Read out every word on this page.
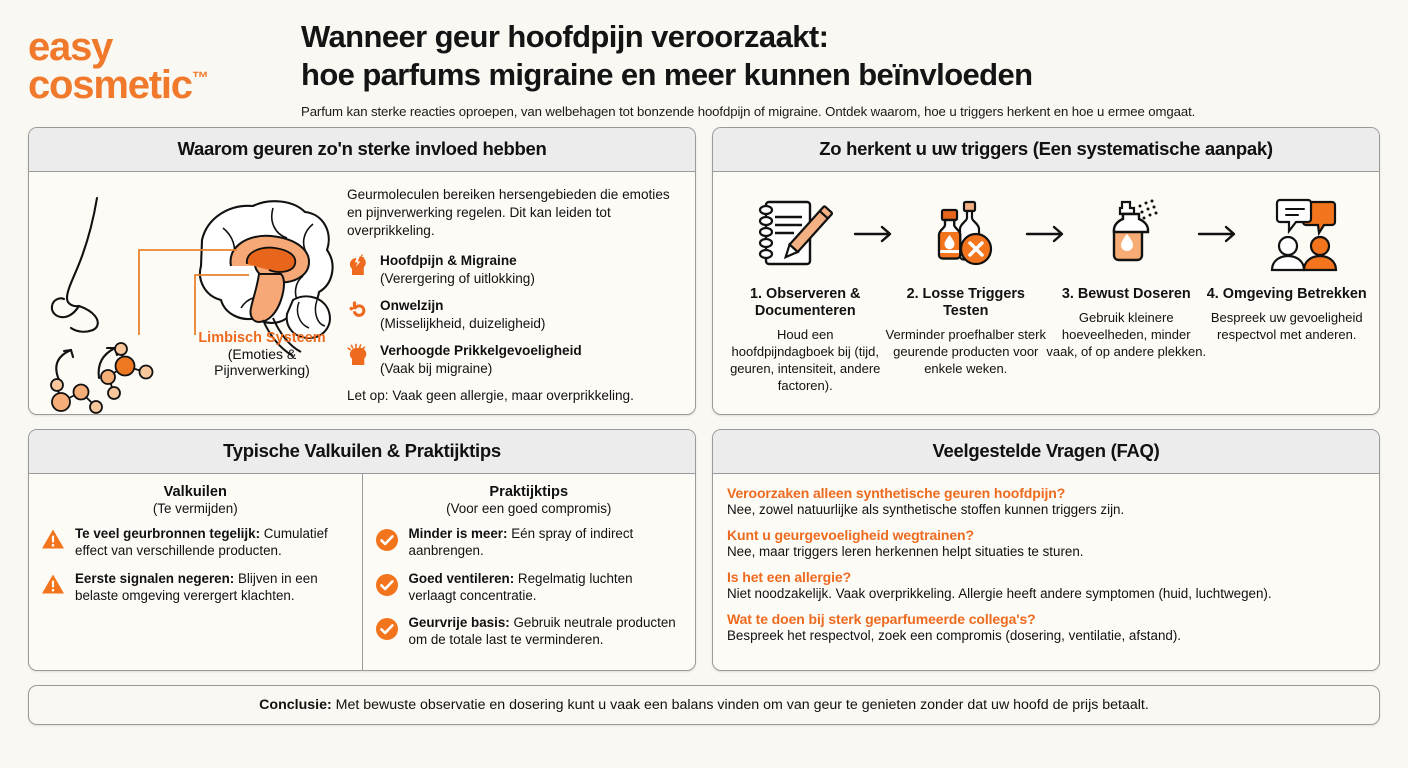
easy
cosmetic™
Wanneer geur hoofdpijn veroorzaakt:
hoe parfums migraine en meer kunnen beïnvloeden
Parfum kan sterke reacties oproepen, van welbehagen tot bonzende hoofdpijn of migraine. Ontdek waarom, hoe u triggers herkent en hoe u ermee omgaat.
Waarom geuren zo'n sterke invloed hebben
Limbisch Systeem
(Emoties &
Pijnverwerking)
Geurmoleculen bereiken hersengebieden die emoties en pijnverwerking regelen. Dit kan leiden tot overprikkeling.
Hoofdpijn & Migraine
(Verergering of uitlokking)
Onwelzijn
(Misselijkheid, duizeligheid)
Verhoogde Prikkelgevoeligheid
(Vaak bij migraine)
Let op: Vaak geen allergie, maar overprikkeling.
Zo herkent u uw triggers (Een systematische aanpak)
1. Observeren & Documenteren
Houd een hoofdpijndagboek bij (tijd, geuren, intensiteit, andere factoren).
2. Losse Triggers Testen
Verminder proefhalber sterk geurende producten voor enkele weken.
3. Bewust Doseren
Gebruik kleinere hoeveelheden, minder vaak, of op andere plekken.
4. Omgeving Betrekken
Bespreek uw gevoeligheid respectvol met anderen.
Typische Valkuilen & Praktijktips
Valkuilen
(Te vermijden)
Te veel geurbronnen tegelijk: Cumulatief effect van verschillende producten.
Eerste signalen negeren: Blijven in een belaste omgeving verergert klachten.
Praktijktips
(Voor een goed compromis)
Minder is meer: Eén spray of indirect aanbrengen.
Goed ventileren: Regelmatig luchten verlaagt concentratie.
Geurvrije basis: Gebruik neutrale producten om de totale last te verminderen.
Veelgestelde Vragen (FAQ)
Veroorzaken alleen synthetische geuren hoofdpijn?
Nee, zowel natuurlijke als synthetische stoffen kunnen triggers zijn.
Kunt u geurgevoeligheid wegtrainen?
Nee, maar triggers leren herkennen helpt situaties te sturen.
Is het een allergie?
Niet noodzakelijk. Vaak overprikkeling. Allergie heeft andere symptomen (huid, luchtwegen).
Wat te doen bij sterk geparfumeerde collega's?
Bespreek het respectvol, zoek een compromis (dosering, ventilatie, afstand).
Conclusie: Met bewuste observatie en dosering kunt u vaak een balans vinden om van geur te genieten zonder dat uw hoofd de prijs betaalt.
